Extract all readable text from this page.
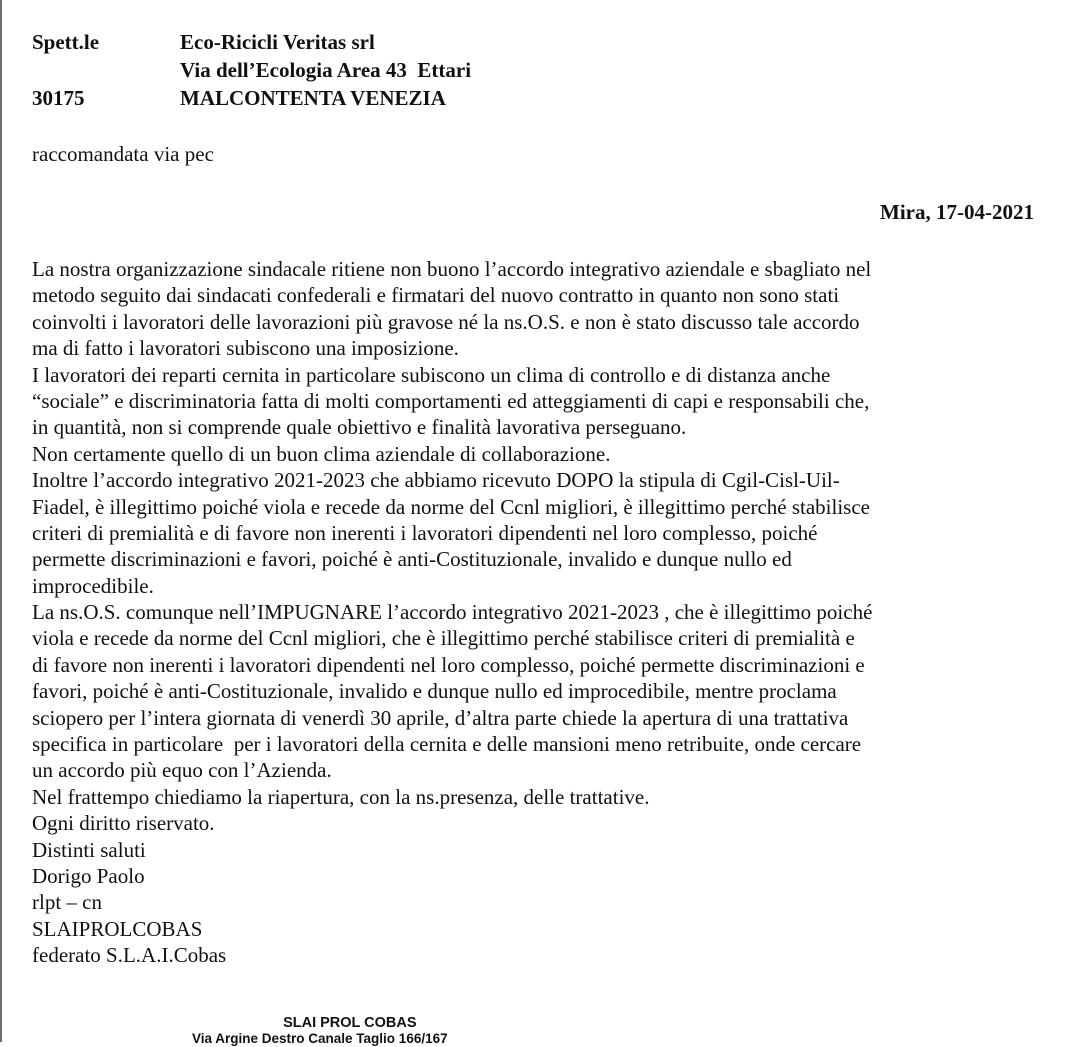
Spett.le	Eco-Ricicli Veritas srl
Via dell’Ecologia Area 43  Ettari
30175	MALCONTENTA VENEZIA
raccomandata via pec
Mira, 17-04-2021
La nostra organizzazione sindacale ritiene non buono l’accordo integrativo aziendale e sbagliato nel
metodo seguito dai sindacati confederali e firmatari del nuovo contratto in quanto non sono stati
coinvolti i lavoratori delle lavorazioni più gravose né la ns.O.S. e non è stato discusso tale accordo
ma di fatto i lavoratori subiscono una imposizione.
I lavoratori dei reparti cernita in particolare subiscono un clima di controllo e di distanza anche
“sociale” e discriminatoria fatta di molti comportamenti ed atteggiamenti di capi e responsabili che,
in quantità, non si comprende quale obiettivo e finalità lavorativa perseguano.
Non certamente quello di un buon clima aziendale di collaborazione.
Inoltre l’accordo integrativo 2021-2023 che abbiamo ricevuto DOPO la stipula di Cgil-Cisl-Uil-
Fiadel, è illegittimo poiché viola e recede da norme del Ccnl migliori, è illegittimo perché stabilisce
criteri di premialità e di favore non inerenti i lavoratori dipendenti nel loro complesso, poiché
permette discriminazioni e favori, poiché è anti-Costituzionale, invalido e dunque nullo ed
improcedibile.
La ns.O.S. comunque nell’IMPUGNARE l’accordo integrativo 2021-2023 , che è illegittimo poiché
viola e recede da norme del Ccnl migliori, che è illegittimo perché stabilisce criteri di premialità e
di favore non inerenti i lavoratori dipendenti nel loro complesso, poiché permette discriminazioni e
favori, poiché è anti-Costituzionale, invalido e dunque nullo ed improcedibile, mentre proclama
sciopero per l’intera giornata di venerdì 30 aprile, d’altra parte chiede la apertura di una trattativa
specifica in particolare  per i lavoratori della cernita e delle mansioni meno retribuite, onde cercare
un accordo più equo con l’Azienda.
Nel frattempo chiediamo la riapertura, con la ns.presenza, delle trattative.
Ogni diritto riservato.
Distinti saluti
Dorigo Paolo
rlpt – cn
SLAIPROLCOBAS
federato S.L.A.I.Cobas
SLAI PROL COBAS
Via Argine Destro Canale Taglio 166/167
